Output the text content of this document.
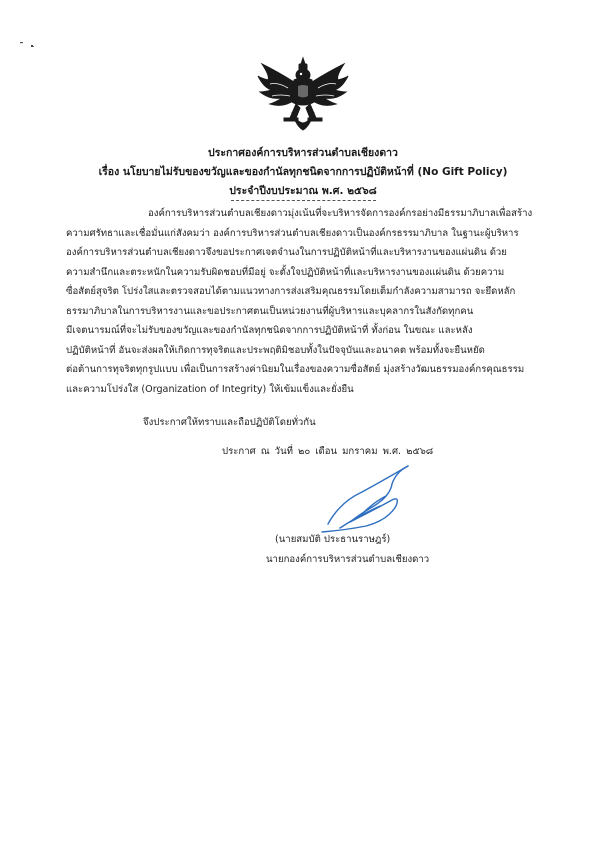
ประกาศองค์การบริหารส่วนตำบลเชียงดาว
เรื่อง นโยบายไม่รับของขวัญและของกำนัลทุกชนิดจากการปฏิบัติหน้าที่ (No Gift Policy)
ประจำปีงบประมาณ พ.ศ. ๒๕๖๘
องค์การบริหารส่วนตำบลเชียงดาวมุ่งเน้นที่จะบริหารจัดการองค์กรอย่างมีธรรมาภิบาลเพื่อสร้าง
ความศรัทธาและเชื่อมั่นแก่สังคมว่า องค์การบริหารส่วนตำบลเชียงดาวเป็นองค์กรธรรมาภิบาล ในฐานะผู้บริหาร
องค์การบริหารส่วนตำบลเชียงดาวจึงขอประกาศเจตจำนงในการปฏิบัติหน้าที่และบริหารงานของแผ่นดิน ด้วย
ความสำนึกและตระหนักในความรับผิดชอบที่มีอยู่ จะตั้งใจปฏิบัติหน้าที่และบริหารงานของแผ่นดิน ด้วยความ
ซื่อสัตย์สุจริต โปร่งใสและตรวจสอบได้ตามแนวทางการส่งเสริมคุณธรรมโดยเต็มกำลังความสามารถ จะยึดหลัก
ธรรมาภิบาลในการบริหารงานและขอประกาศตนเป็นหน่วยงานที่ผู้บริหารและบุคลากรในสังกัดทุกคน
มีเจตนารมณ์ที่จะไม่รับของขวัญและของกำนัลทุกชนิดจากการปฏิบัติหน้าที่ ทั้งก่อน ในขณะ และหลัง
ปฏิบัติหน้าที่ อันจะส่งผลให้เกิดการทุจริตและประพฤติมิชอบทั้งในปัจจุบันและอนาคต พร้อมทั้งจะยืนหยัด
ต่อต้านการทุจริตทุกรูปแบบ เพื่อเป็นการสร้างค่านิยมในเรื่องของความซื่อสัตย์ มุ่งสร้างวัฒนธรรมองค์กรคุณธรรม
และความโปร่งใส (Organization of Integrity) ให้เข้มแข็งและยั่งยืน
จึงประกาศให้ทราบและถือปฏิบัติโดยทั่วกัน
ประกาศ ณ วันที่ ๒๐ เดือน มกราคม พ.ศ. ๒๕๖๘
(นายสมบัติ ประธานราษฎร์)
นายกองค์การบริหารส่วนตำบลเชียงดาว
